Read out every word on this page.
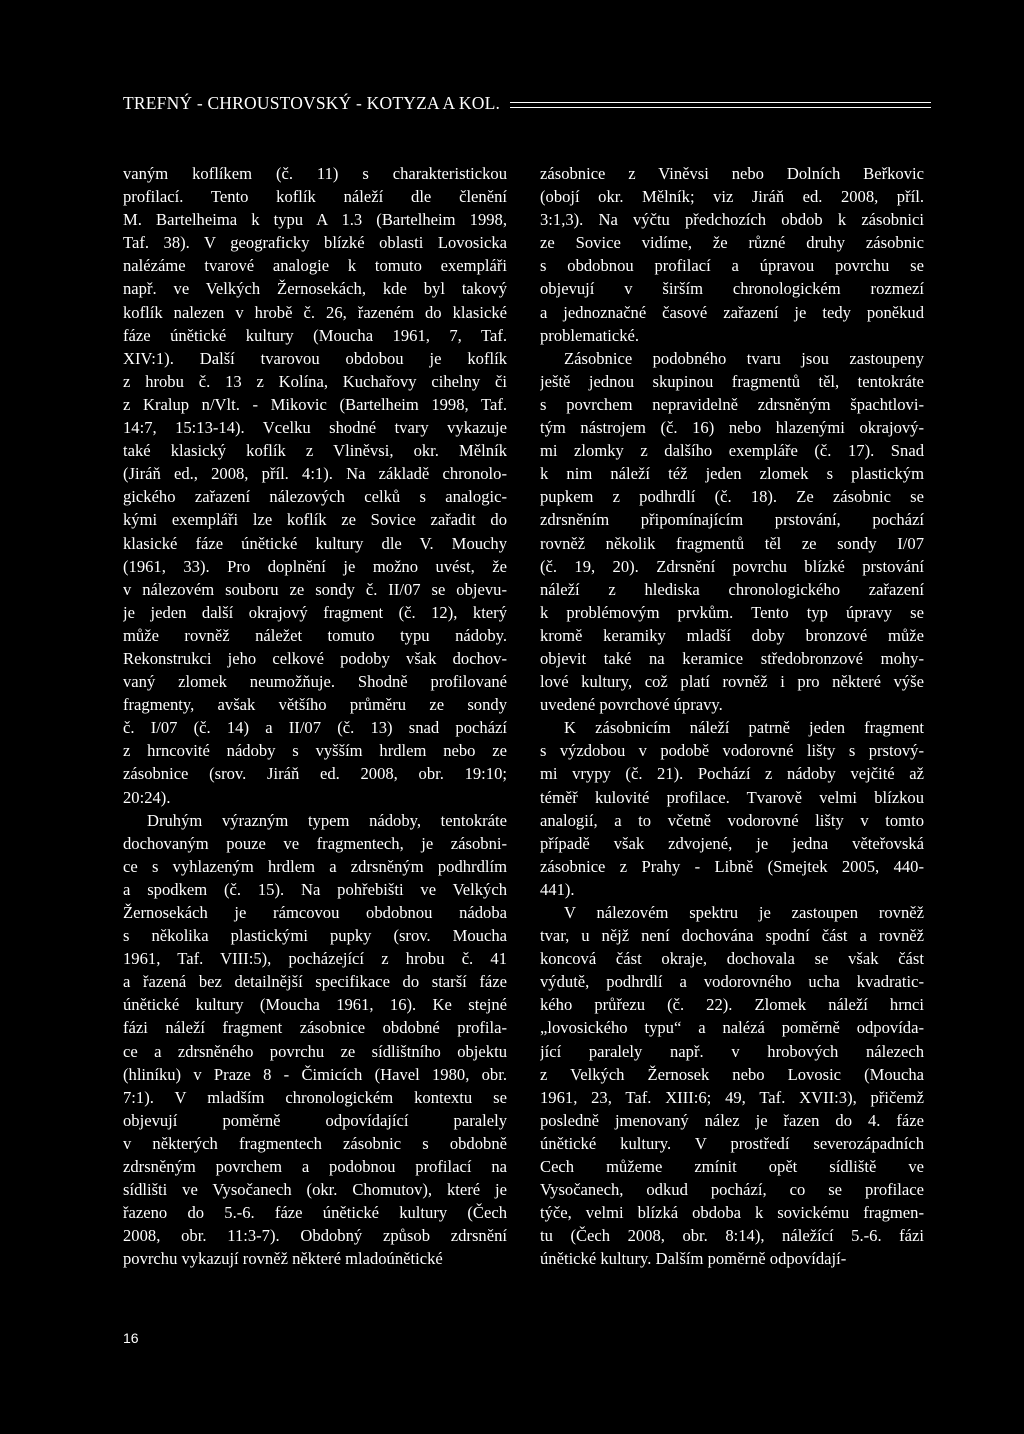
TREFNÝ - CHROUSTOVSKÝ - KOTYZA A KOL.
vaným koflíkem (č. 11) s charakteristickou
profilací. Tento koflík náleží dle členění
M. Bartelheima k typu A 1.3 (Bartelheim 1998,
Taf. 38). V geograficky blízké oblasti Lovosicka
nalézáme tvarové analogie k tomuto exempláři
např. ve Velkých Žernosekách, kde byl takový
koflík nalezen v hrobě č. 26, řazeném do klasické
fáze únětické kultury (Moucha 1961, 7, Taf.
XIV:1). Další tvarovou obdobou je koflík
z hrobu č. 13 z Kolína, Kuchařovy cihelny či
z Kralup n/Vlt. - Mikovic (Bartelheim 1998, Taf.
14:7, 15:13-14). Vcelku shodné tvary vykazuje
také klasický koflík z Vliněvsi, okr. Mělník
(Jiráň ed., 2008, příl. 4:1). Na základě chronolo-
gického zařazení nálezových celků s analogic-
kými exempláři lze koflík ze Sovice zařadit do
klasické fáze únětické kultury dle V. Mouchy
(1961, 33). Pro doplnění je možno uvést, že
v nálezovém souboru ze sondy č. II/07 se objevu-
je jeden další okrajový fragment (č. 12), který
může rovněž náležet tomuto typu nádoby.
Rekonstrukci jeho celkové podoby však dochov-
vaný zlomek neumožňuje. Shodně profilované
fragmenty, avšak většího průměru ze sondy
č. I/07 (č. 14) a II/07 (č. 13) snad pochází
z hrncovité nádoby s vyšším hrdlem nebo ze
zásobnice (srov. Jiráň ed. 2008, obr. 19:10;
20:24).
Druhým výrazným typem nádoby, tentokráte
dochovaným pouze ve fragmentech, je zásobni-
ce s vyhlazeným hrdlem a zdrsněným podhrdlím
a spodkem (č. 15). Na pohřebišti ve Velkých
Žernosekách je rámcovou obdobnou nádoba
s několika plastickými pupky (srov. Moucha
1961, Taf. VIII:5), pocházející z hrobu č. 41
a řazená bez detailnější specifikace do starší fáze
únětické kultury (Moucha 1961, 16). Ke stejné
fázi náleží fragment zásobnice obdobné profila-
ce a zdrsněného povrchu ze sídlištního objektu
(hliníku) v Praze 8 - Čimicích (Havel 1980, obr.
7:1). V mladším chronologickém kontextu se
objevují poměrně odpovídající paralely
v některých fragmentech zásobnic s obdobně
zdrsněným povrchem a podobnou profilací na
sídlišti ve Vysočanech (okr. Chomutov), které je
řazeno do 5.-6. fáze únětické kultury (Čech
2008, obr. 11:3-7). Obdobný způsob zdrsnění
povrchu vykazují rovněž některé mladoúnětické
zásobnice z Viněvsi nebo Dolních Beřkovic
(obojí okr. Mělník; viz Jiráň ed. 2008, příl.
3:1,3). Na výčtu předchozích obdob k zásobnici
ze Sovice vidíme, že různé druhy zásobnic
s obdobnou profilací a úpravou povrchu se
objevují v širším chronologickém rozmezí
a jednoznačné časové zařazení je tedy poněkud
problematické.
Zásobnice podobného tvaru jsou zastoupeny
ještě jednou skupinou fragmentů těl, tentokráte
s povrchem nepravidelně zdrsněným špachtlovi-
tým nástrojem (č. 16) nebo hlazenými okrajový-
mi zlomky z dalšího exempláře (č. 17). Snad
k nim náleží též jeden zlomek s plastickým
pupkem z podhrdlí (č. 18). Ze zásobnic se
zdrsněním připomínajícím prstování, pochází
rovněž několik fragmentů těl ze sondy I/07
(č. 19, 20). Zdrsnění povrchu blízké prstování
náleží z hlediska chronologického zařazení
k problémovým prvkům. Tento typ úpravy se
kromě keramiky mladší doby bronzové může
objevit také na keramice středobronzové mohy-
lové kultury, což platí rovněž i pro některé výše
uvedené povrchové úpravy.
K zásobnicím náleží patrně jeden fragment
s výzdobou v podobě vodorovné lišty s prstový-
mi vrypy (č. 21). Pochází z nádoby vejčité až
téměř kulovité profilace. Tvarově velmi blízkou
analogií, a to včetně vodorovné lišty v tomto
případě však zdvojené, je jedna věteřovská
zásobnice z Prahy - Libně (Smejtek 2005, 440-
441).
V nálezovém spektru je zastoupen rovněž
tvar, u nějž není dochována spodní část a rovněž
koncová část okraje, dochovala se však část
výdutě, podhrdlí a vodorovného ucha kvadratic-
kého průřezu (č. 22). Zlomek náleží hrnci
„lovosického typu“ a nalézá poměrně odpovída-
jící paralely např. v hrobových nálezech
z Velkých Žernosek nebo Lovosic (Moucha
1961, 23, Taf. XIII:6; 49, Taf. XVII:3), přičemž
posledně jmenovaný nález je řazen do 4. fáze
únětické kultury. V prostředí severozápadních
Cech můžeme zmínit opět sídliště ve
Vysočanech, odkud pochází, co se profilace
týče, velmi blízká obdoba k sovickému fragmen-
tu (Čech 2008, obr. 8:14), náležící 5.-6. fázi
únětické kultury. Dalším poměrně odpovídají-
16
